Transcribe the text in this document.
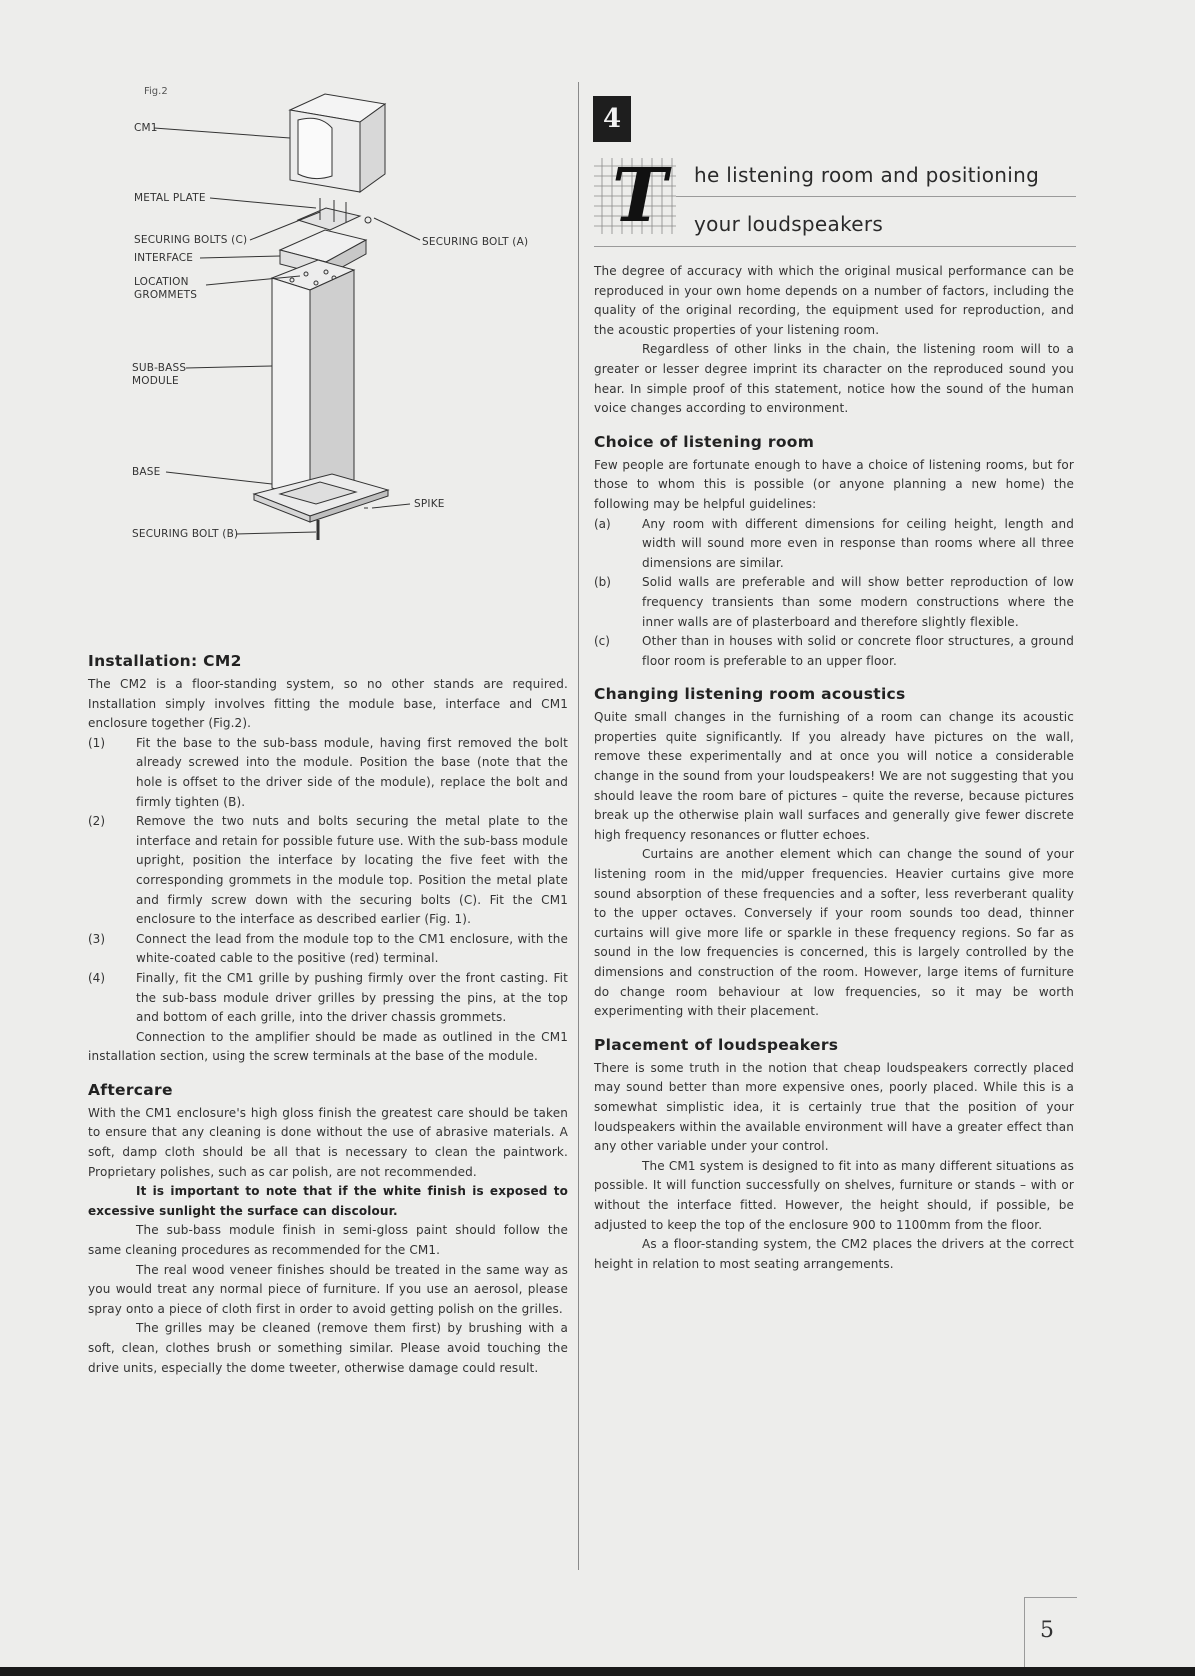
Fig.2
CM1
METAL PLATE
SECURING BOLTS (C)
INTERFACE
LOCATION
GROMMETS
SUB-BASS
MODULE
BASE
SECURING BOLT (B)
SECURING BOLT (A)
SPIKE
Installation: CM2

The CM2 is a floor-standing system, so no other stands are required. Installation simply involves fitting the module base, interface and CM1 enclosure together (Fig.2).

(1)	Fit the base to the sub-bass module, having first removed the bolt already screwed into the module. Position the base (note that the hole is offset to the driver side of the module), replace the bolt and firmly tighten (B).
(2)	Remove the two nuts and bolts securing the metal plate to the interface and retain for possible future use. With the sub-bass module upright, position the interface by locating the five feet with the corresponding grommets in the module top. Position the metal plate and firmly screw down with the securing bolts (C). Fit the CM1 enclosure to the interface as described earlier (Fig. 1).
(3)	Connect the lead from the module top to the CM1 enclosure, with the white-coated cable to the positive (red) terminal.
(4)	Finally, fit the CM1 grille by pushing firmly over the front casting. Fit the sub-bass module driver grilles by pressing the pins, at the top and bottom of each grille, into the driver chassis grommets.

Connection to the amplifier should be made as outlined in the CM1 installation section, using the screw terminals at the base of the module.

Aftercare

With the CM1 enclosure's high gloss finish the greatest care should be taken to ensure that any cleaning is done without the use of abrasive materials. A soft, damp cloth should be all that is necessary to clean the paintwork. Proprietary polishes, such as car polish, are not recommended.

It is important to note that if the white finish is exposed to excessive sunlight the surface can discolour.

The sub-bass module finish in semi-gloss paint should follow the same cleaning procedures as recommended for the CM1.

The real wood veneer finishes should be treated in the same way as you would treat any normal piece of furniture. If you use an aerosol, please spray onto a piece of cloth first in order to avoid getting polish on the grilles.

The grilles may be cleaned (remove them first) by brushing with a soft, clean, clothes brush or something similar. Please avoid touching the drive units, especially the dome tweeter, otherwise damage could result.

4
T he listening room and positioning
your loudspeakers

The degree of accuracy with which the original musical performance can be reproduced in your own home depends on a number of factors, including the quality of the original recording, the equipment used for reproduction, and the acoustic properties of your listening room.

Regardless of other links in the chain, the listening room will to a greater or lesser degree imprint its character on the reproduced sound you hear. In simple proof of this statement, notice how the sound of the human voice changes according to environment.

Choice of listening room

Few people are fortunate enough to have a choice of listening rooms, but for those to whom this is possible (or anyone planning a new home) the following may be helpful guidelines:

(a)	Any room with different dimensions for ceiling height, length and width will sound more even in response than rooms where all three dimensions are similar.
(b)	Solid walls are preferable and will show better reproduction of low frequency transients than some modern constructions where the inner walls are of plasterboard and therefore slightly flexible.
(c)	Other than in houses with solid or concrete floor structures, a ground floor room is preferable to an upper floor.
Changing listening room acoustics

Quite small changes in the furnishing of a room can change its acoustic properties quite significantly. If you already have pictures on the wall, remove these experimentally and at once you will notice a considerable change in the sound from your loudspeakers! We are not suggesting that you should leave the room bare of pictures – quite the reverse, because pictures break up the otherwise plain wall surfaces and generally give fewer discrete high frequency resonances or flutter echoes.

Curtains are another element which can change the sound of your listening room in the mid/upper frequencies. Heavier curtains give more sound absorption of these frequencies and a softer, less reverberant quality to the upper octaves. Conversely if your room sounds too dead, thinner curtains will give more life or sparkle in these frequency regions. So far as sound in the low frequencies is concerned, this is largely controlled by the dimensions and construction of the room. However, large items of furniture do change room behaviour at low frequencies, so it may be worth experimenting with their placement.

Placement of loudspeakers

There is some truth in the notion that cheap loudspeakers correctly placed may sound better than more expensive ones, poorly placed. While this is a somewhat simplistic idea, it is certainly true that the position of your loudspeakers within the available environment will have a greater effect than any other variable under your control.

The CM1 system is designed to fit into as many different situations as possible. It will function successfully on shelves, furniture or stands – with or without the interface fitted. However, the height should, if possible, be adjusted to keep the top of the enclosure 900 to 1100mm from the floor.

As a floor-standing system, the CM2 places the drivers at the correct height in relation to most seating arrangements.

5
